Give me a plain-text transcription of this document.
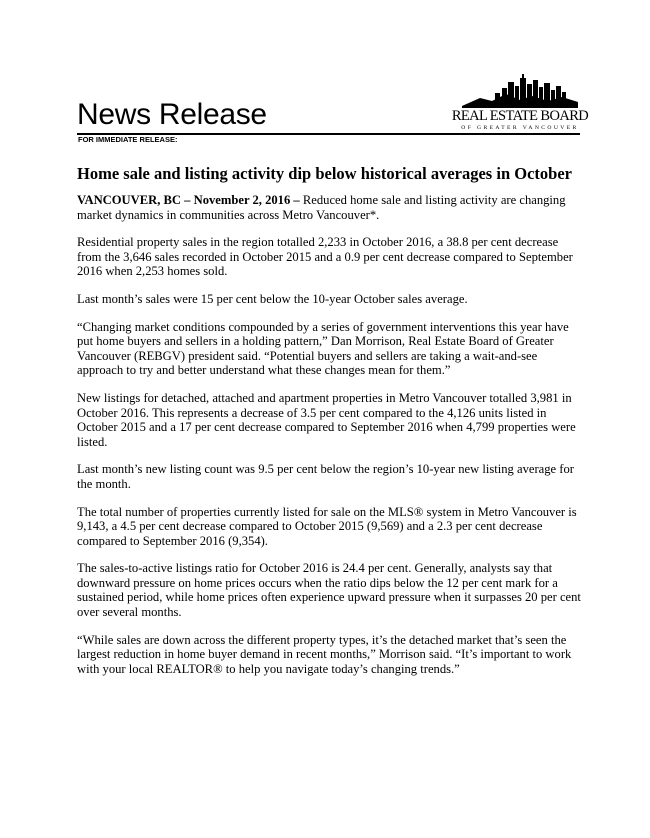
News Release	REAL ESTATE BOARD
OF GREATER VANCOUVER
FOR IMMEDIATE RELEASE:
Home sale and listing activity dip below historical averages in October

VANCOUVER, BC – November 2, 2016 – Reduced home sale and listing activity are changing market dynamics in communities across Metro Vancouver*.

Residential property sales in the region totalled 2,233 in October 2016, a 38.8 per cent decrease from the 3,646 sales recorded in October 2015 and a 0.9 per cent decrease compared to September 2016 when 2,253 homes sold.

Last month’s sales were 15 per cent below the 10-year October sales average.

“Changing market conditions compounded by a series of government interventions this year have put home buyers and sellers in a holding pattern,” Dan Morrison, Real Estate Board of Greater Vancouver (REBGV) president said. “Potential buyers and sellers are taking a wait-and-see approach to try and better understand what these changes mean for them.”

New listings for detached, attached and apartment properties in Metro Vancouver totalled 3,981 in October 2016. This represents a decrease of 3.5 per cent compared to the 4,126 units listed in October 2015 and a 17 per cent decrease compared to September 2016 when 4,799 properties were listed.

Last month’s new listing count was 9.5 per cent below the region’s 10-year new listing average for the month.

The total number of properties currently listed for sale on the MLS® system in Metro Vancouver is 9,143, a 4.5 per cent decrease compared to October 2015 (9,569) and a 2.3 per cent decrease compared to September 2016 (9,354).

The sales-to-active listings ratio for October 2016 is 24.4 per cent. Generally, analysts say that downward pressure on home prices occurs when the ratio dips below the 12 per cent mark for a sustained period, while home prices often experience upward pressure when it surpasses 20 per cent over several months.

“While sales are down across the different property types, it’s the detached market that’s seen the largest reduction in home buyer demand in recent months,” Morrison said. “It’s important to work with your local REALTOR® to help you navigate today’s changing trends.”
